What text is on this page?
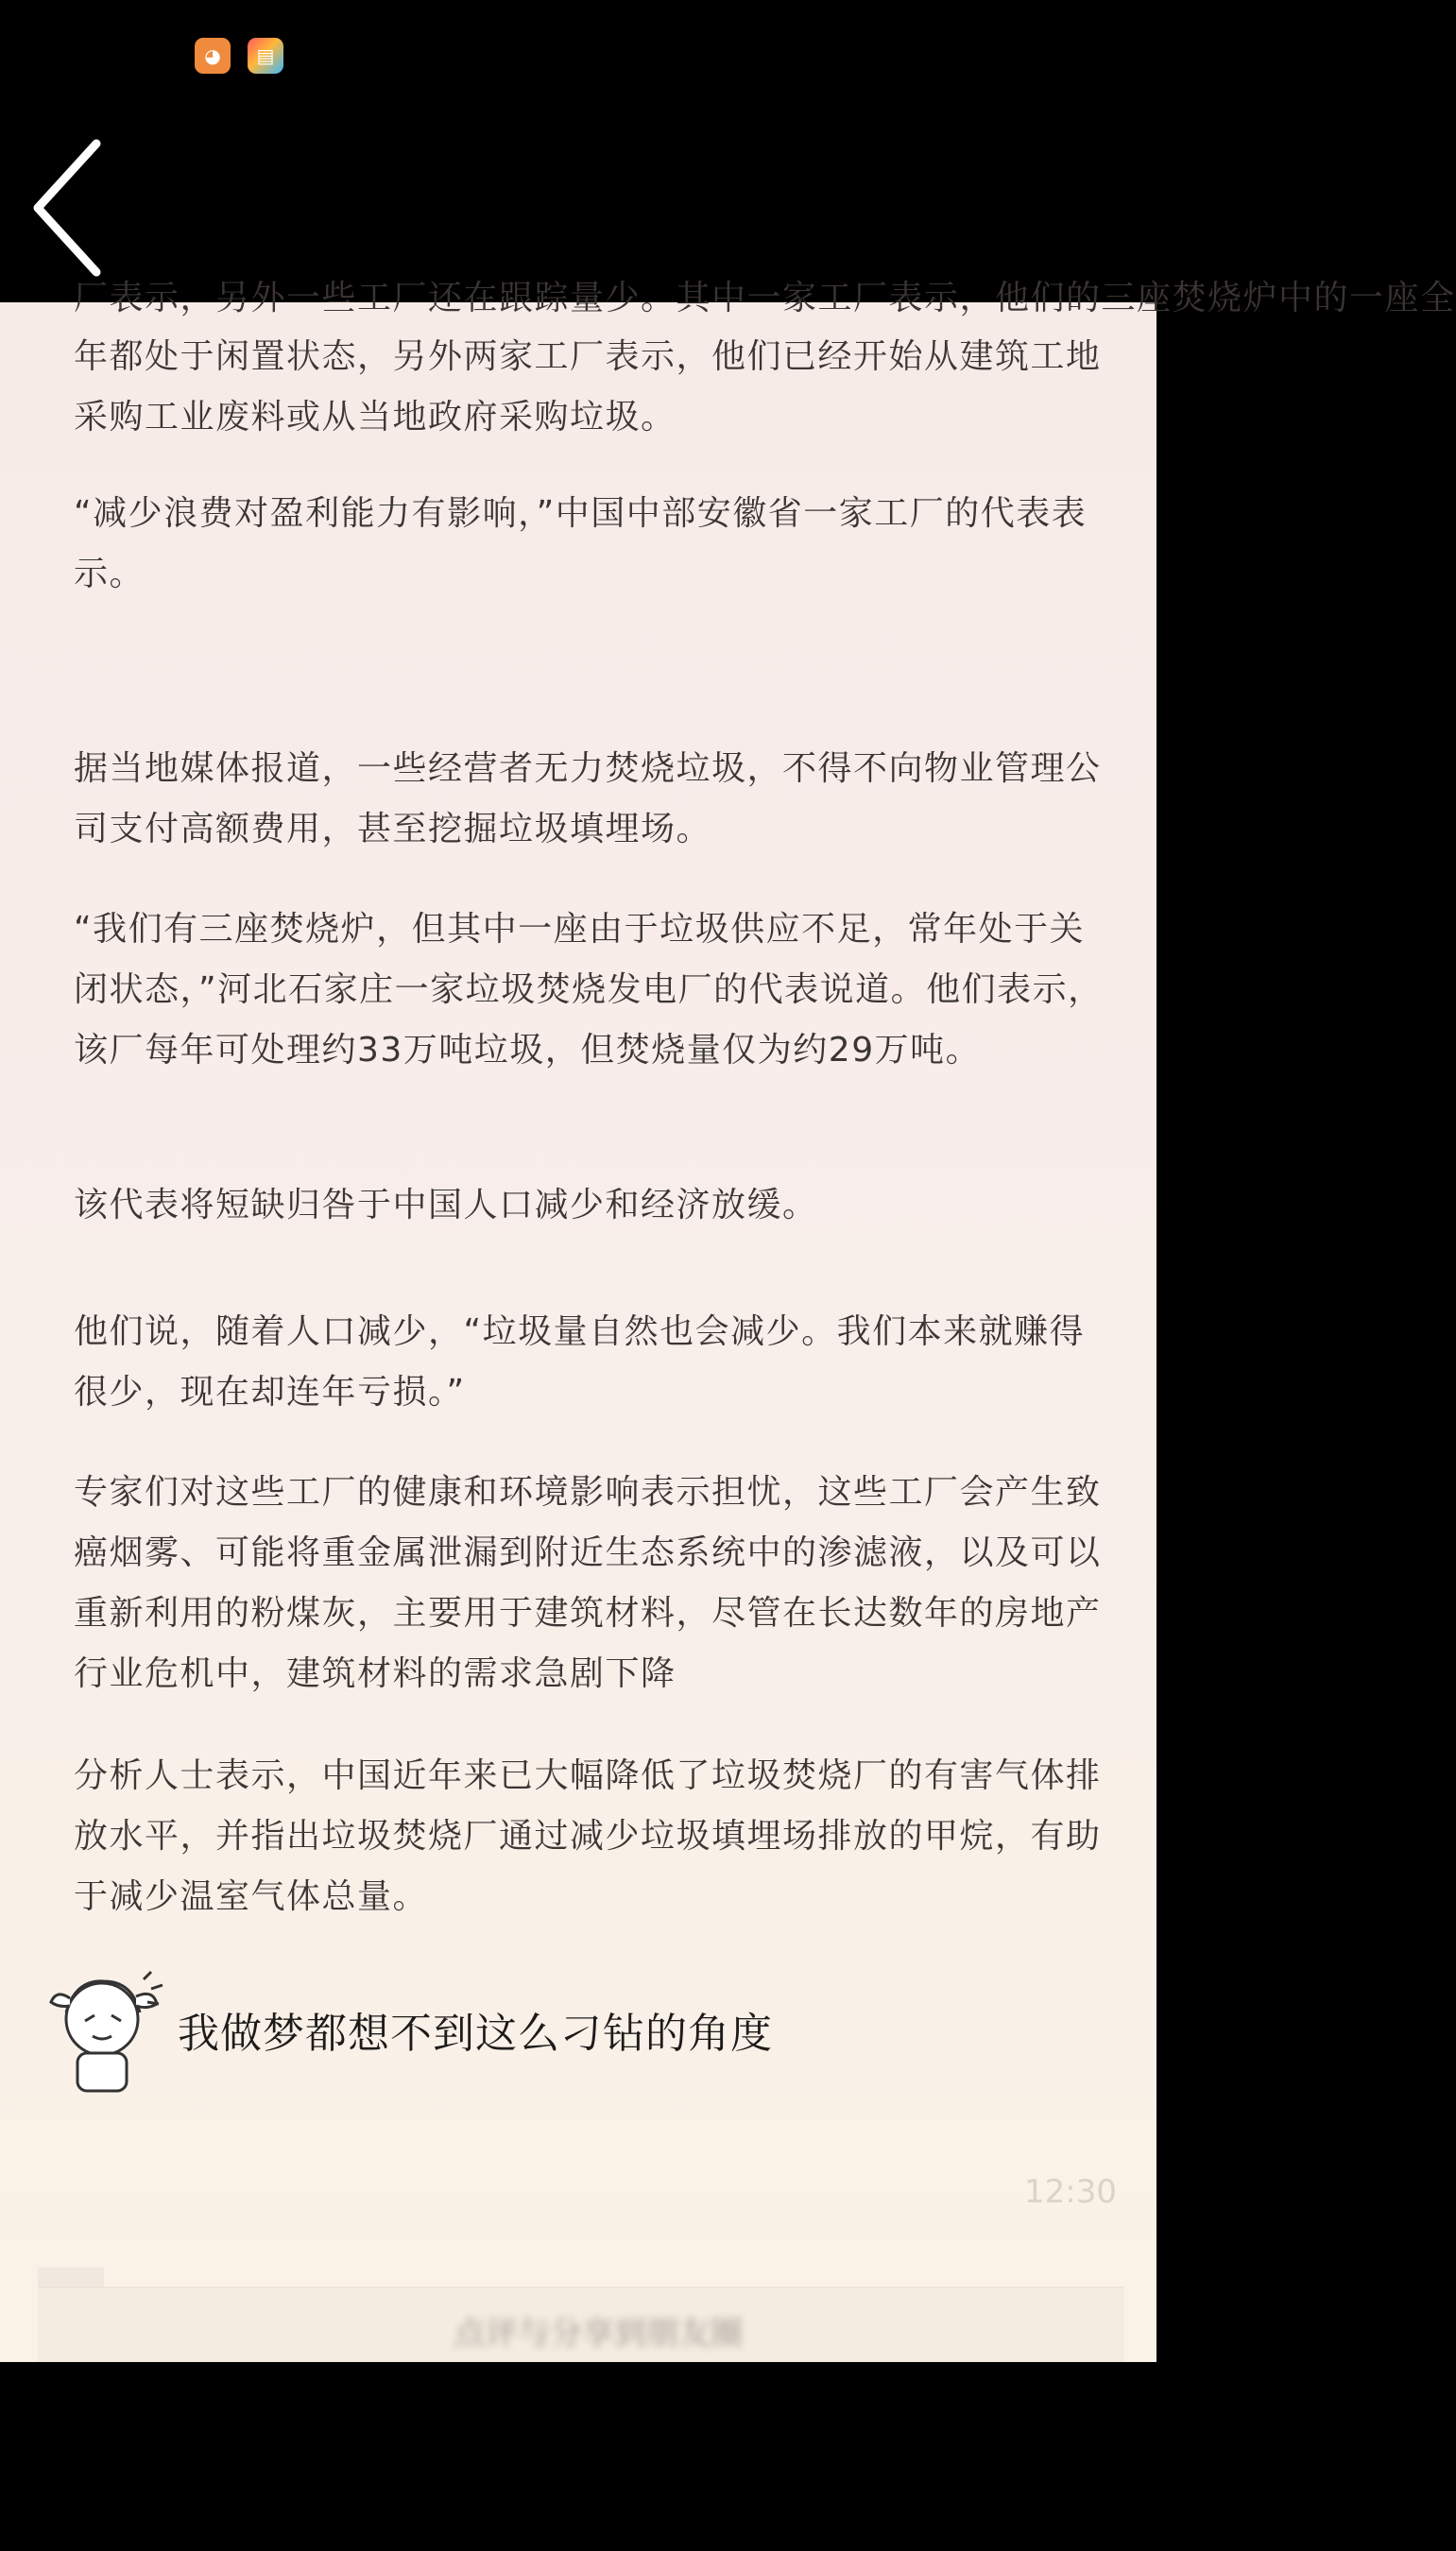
◕	▤
厂表示，另外一些工厂还在跟踪量少。其中一家工厂表示，他们的三座焚烧炉中的一座全

年都处于闲置状态，另外两家工厂表示，他们已经开始从建筑工地采购工业废料或从当地政府采购垃圾。

“减少浪费对盈利能力有影响，”中国中部安徽省一家工厂的代表表示。

据当地媒体报道，一些经营者无力焚烧垃圾，不得不向物业管理公司支付高额费用，甚至挖掘垃圾填埋场。

“我们有三座焚烧炉，但其中一座由于垃圾供应不足，常年处于关闭状态，”河北石家庄一家垃圾焚烧发电厂的代表说道。他们表示，该厂每年可处理约33万吨垃圾，但焚烧量仅为约29万吨。

该代表将短缺归咎于中国人口减少和经济放缓。

他们说，随着人口减少，“垃圾量自然也会减少。我们本来就赚得很少，现在却连年亏损。”

专家们对这些工厂的健康和环境影响表示担忧，这些工厂会产生致癌烟雾、可能将重金属泄漏到附近生态系统中的渗滤液，以及可以重新利用的粉煤灰，主要用于建筑材料，尽管在长达数年的房地产行业危机中，建筑材料的需求急剧下降

分析人士表示，中国近年来已大幅降低了垃圾焚烧厂的有害气体排放水平，并指出垃圾焚烧厂通过减少垃圾填埋场排放的甲烷，有助于减少温室气体总量。

我做梦都想不到这么刁钻的角度
12:30
点评与分享到朋友圈
